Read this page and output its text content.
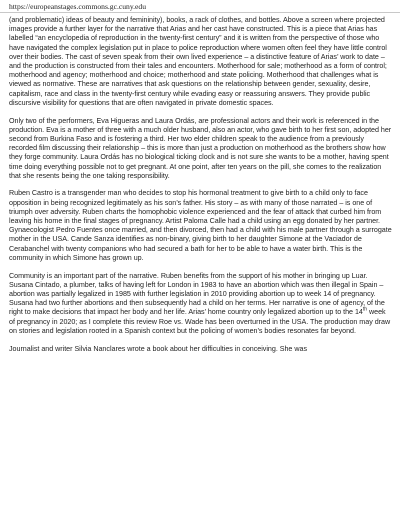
https://europeanstages.commons.gc.cuny.edu

(and problematic) ideas of beauty and femininity), books, a rack of clothes, and bottles. Above a screen where projected images provide a further layer for the narrative that Arias and her cast have constructed. This is a piece that Arias has labelled “an encyclopedia of reproduction in the twenty-first century” and it is written from the perspective of those who have navigated the complex legislation put in place to police reproduction where women often feel they have little control over their bodies. The cast of seven speak from their own lived experience – a distinctive feature of Arias’ work to date –and the production is constructed from their tales and encounters. Motherhood for sale; motherhood as a form of control; motherhood and agency; motherhood and choice; motherhood and state policing. Motherhood that challenges what is viewed as normative. These are narratives that ask questions on the relationship between gender, sexuality, desire, capitalism, race and class in the twenty-first century while evading easy or reassuring answers. They provide public discursive visibility for questions that are often navigated in private domestic spaces.

Only two of the performers, Eva Higueras and Laura Ordás, are professional actors and their work is referenced in the production. Eva is a mother of three with a much older husband, also an actor, who gave birth to her first son, adopted her second from Burkina Faso and is fostering a third. Her two elder children speak to the audience from a previously recorded film discussing their relationship – this is more than just a production on motherhood as the brothers show how they forge community. Laura Ordás has no biological ticking clock and is not sure she wants to be a mother, having spent time doing everything possible not to get pregnant. At one point, after ten years on the pill, she comes to the realization that she resents being the one taking responsibility.

Ruben Castro is a transgender man who decides to stop his hormonal treatment to give birth to a child only to face opposition in being recognized legitimately as his son’s father. His story – as with many of those narrated – is one of triumph over adversity. Ruben charts the homophobic violence experienced and the fear of attack that curbed him from leaving his home in the final stages of pregnancy. Artist Paloma Calle had a child using an egg donated by her partner. Gynaecologist Pedro Fuentes once married, and then divorced, then had a child with his male partner through a surrogate mother in the USA. Cande Sanza identifies as non-binary, giving birth to her daughter Simone at the Vaciador de Cerabanchel with twenty companions who had secured a bath for her to be able to have a water birth. This is the community in which Simone has grown up.

Community is an important part of the narrative. Ruben benefits from the support of his mother in bringing up Luar. Susana Cintado, a plumber, talks of having left for London in 1983 to have an abortion which was then illegal in Spain –abortion was partially legalized in 1985 with further legislation in 2010 providing abortion up to week 14 of pregnancy. Susana had two further abortions and then subsequently had a child on her terms. Her narrative is one of agency, of the right to make decisions that impact her body and her life. Arias’ home country only legalized abortion up to the 14th week of pregnancy in 2020; as I complete this review Roe vs. Wade has been overturned in the USA. The production may draw on stories and legislation rooted in a Spanish context but the policing of women’s bodies resonates far beyond.

Journalist and writer Silvia Nanclares wrote a book about her difficulties in conceiving. She was
